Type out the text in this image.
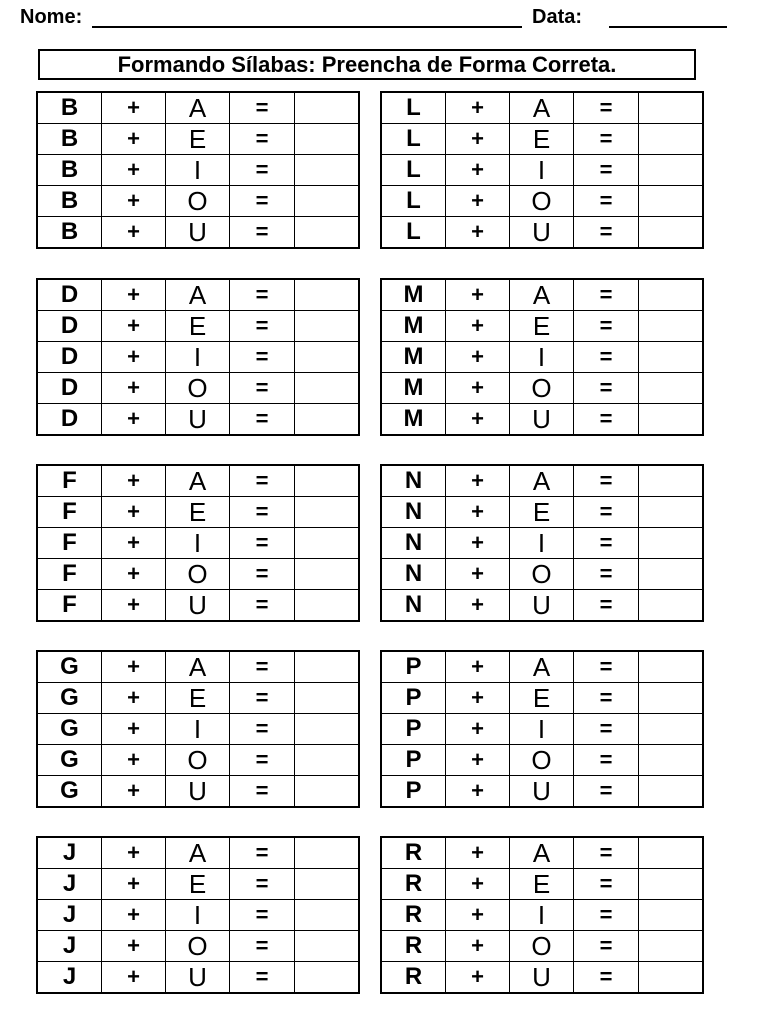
Nome:	Data:
Formando Sílabas: Preencha de Forma Correta.
B	+	A	=	
B	+	E	=	
B	+	I	=	
B	+	O	=	
B	+	U	=	
L	+	A	=	
L	+	E	=	
L	+	I	=	
L	+	O	=	
L	+	U	=	
D	+	A	=	
D	+	E	=	
D	+	I	=	
D	+	O	=	
D	+	U	=	
M	+	A	=	
M	+	E	=	
M	+	I	=	
M	+	O	=	
M	+	U	=	
F	+	A	=	
F	+	E	=	
F	+	I	=	
F	+	O	=	
F	+	U	=	
N	+	A	=	
N	+	E	=	
N	+	I	=	
N	+	O	=	
N	+	U	=	
G	+	A	=	
G	+	E	=	
G	+	I	=	
G	+	O	=	
G	+	U	=	
P	+	A	=	
P	+	E	=	
P	+	I	=	
P	+	O	=	
P	+	U	=	
J	+	A	=	
J	+	E	=	
J	+	I	=	
J	+	O	=	
J	+	U	=	
R	+	A	=	
R	+	E	=	
R	+	I	=	
R	+	O	=	
R	+	U	=	
